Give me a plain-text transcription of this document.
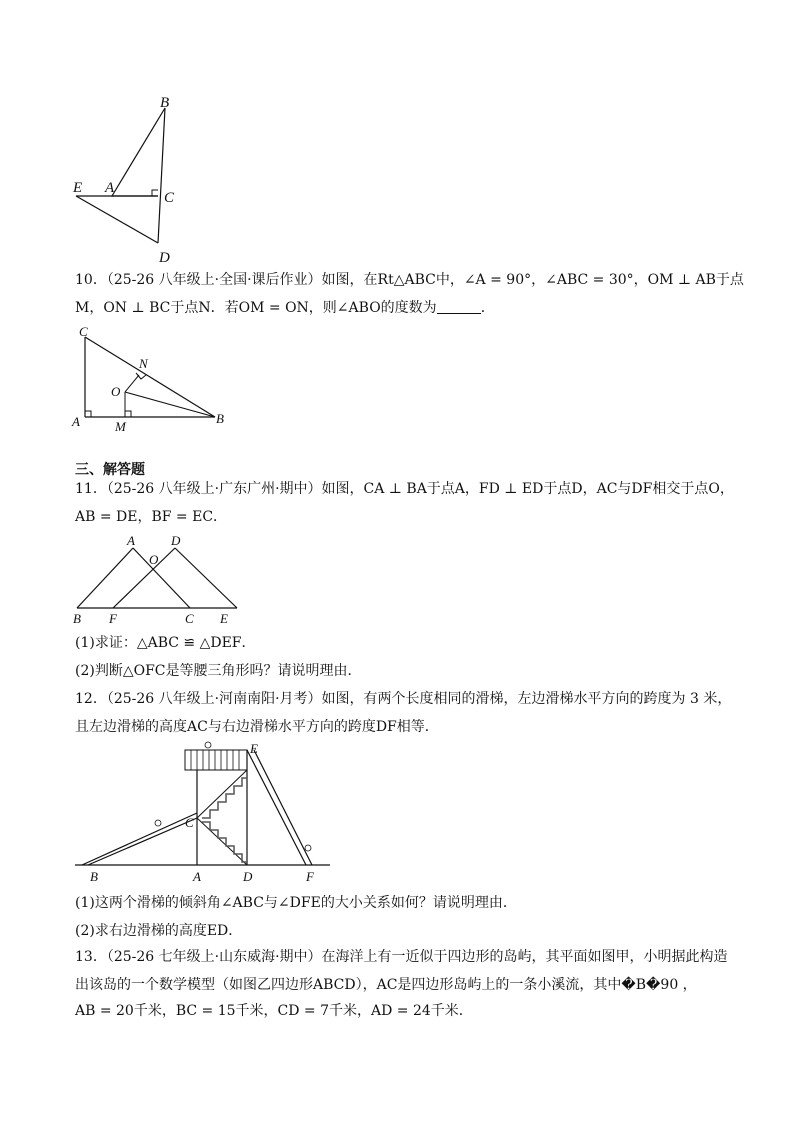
B
E A
C
D
10．（25-26 八年级上·全国·课后作业）如图，在Rt△ABC中，∠A = 90°，∠ABC = 30°，OM ⊥ AB于点
M，ON ⊥ BC于点N．若OM = ON，则∠ABO的度数为	．
C
N
O
A	M
B
三、解答题
11．（25-26 八年级上·广东广州·期中）如图，CA ⊥ BA于点A，FD ⊥ ED于点D，AC与DF相交于点O，
AB = DE，BF = EC．
A	D
O
B F	C E
(1)求证：△ABC ≌ △DEF．
(2)判断△OFC是等腰三角形吗？请说明理由．
12．（25-26 八年级上·河南南阳·月考）如图，有两个长度相同的滑梯，左边滑梯水平方向的跨度为 3 米，
且左边滑梯的高度AC与右边滑梯水平方向的跨度DF相等．
E
C
B	A	D	F
(1)这两个滑梯的倾斜角∠ABC与∠DFE的大小关系如何？请说明理由．
(2)求右边滑梯的高度ED．
13．（25-26 七年级上·山东威海·期中）在海洋上有一近似于四边形的岛屿，其平面如图甲，小明据此构造
出该岛的一个数学模型（如图乙四边形ABCD），AC是四边形岛屿上的一条小溪流，其中�B�90 ，
AB = 20千米，BC = 15千米，CD = 7千米，AD = 24千米．
